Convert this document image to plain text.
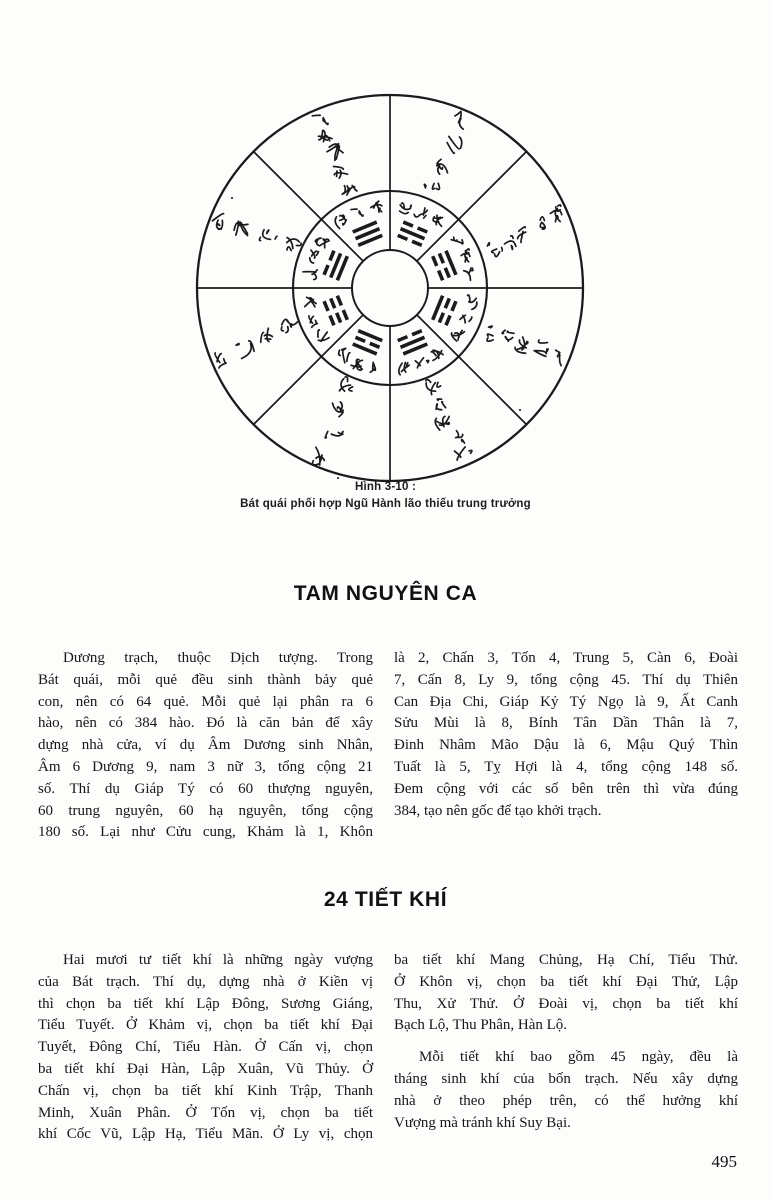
Hình 3-10 :
Bát quái phối hợp Ngũ Hành lão thiếu trung trưởng
TAM NGUYÊN CA
Dương trạch, thuộc Dịch tượng. Trong
Bát quái, mỗi quẻ đều sinh thành bảy quẻ
con, nên có 64 quẻ. Mỗi quẻ lại phân ra 6
hào, nên có 384 hào. Đó là căn bản để xây
dựng nhà cửa, ví dụ Âm Dương sinh Nhân,
Âm 6 Dương 9, nam 3 nữ 3, tổng cộng 21
số. Thí dụ Giáp Tý có 60 thượng nguyên,
60 trung nguyên, 60 hạ nguyên, tổng cộng
180 số. Lại như Cửu cung, Khảm là 1, Khôn
là 2, Chấn 3, Tốn 4, Trung 5, Càn 6, Đoài
7, Cấn 8, Ly 9, tổng cộng 45. Thí dụ Thiên
Can Địa Chi, Giáp Kỷ Tý Ngọ là 9, Ất Canh
Sửu Mùi là 8, Bính Tân Dần Thân là 7,
Đinh Nhâm Mão Dậu là 6, Mậu Quý Thìn
Tuất là 5, Tỵ Hợi là 4, tổng cộng 148 số.
Đem cộng với các số bên trên thì vừa đúng
384, tạo nên gốc để tạo khởi trạch.
24 TIẾT KHÍ
Hai mươi tư tiết khí là những ngày vượng
của Bát trạch. Thí dụ, dựng nhà ở Kiền vị
thì chọn ba tiết khí Lập Đông, Sương Giáng,
Tiểu Tuyết. Ở Khảm vị, chọn ba tiết khí Đại
Tuyết, Đông Chí, Tiểu Hàn. Ở Cấn vị, chọn
ba tiết khí Đại Hàn, Lập Xuân, Vũ Thủy. Ở
Chấn vị, chọn ba tiết khí Kinh Trập, Thanh
Minh, Xuân Phân. Ở Tốn vị, chọn ba tiết
khí Cốc Vũ, Lập Hạ, Tiểu Mãn. Ở Ly vị, chọn
ba tiết khí Mang Chủng, Hạ Chí, Tiểu Thử.
Ở Khôn vị, chọn ba tiết khí Đại Thử, Lập
Thu, Xử Thử. Ở Đoài vị, chọn ba tiết khí
Bạch Lộ, Thu Phân, Hàn Lộ.
Mỗi tiết khí bao gồm 45 ngày, đều là
tháng sinh khí của bốn trạch. Nếu xây dựng
nhà ở theo phép trên, có thể hưởng khí
Vượng mà tránh khí Suy Bại.
495
